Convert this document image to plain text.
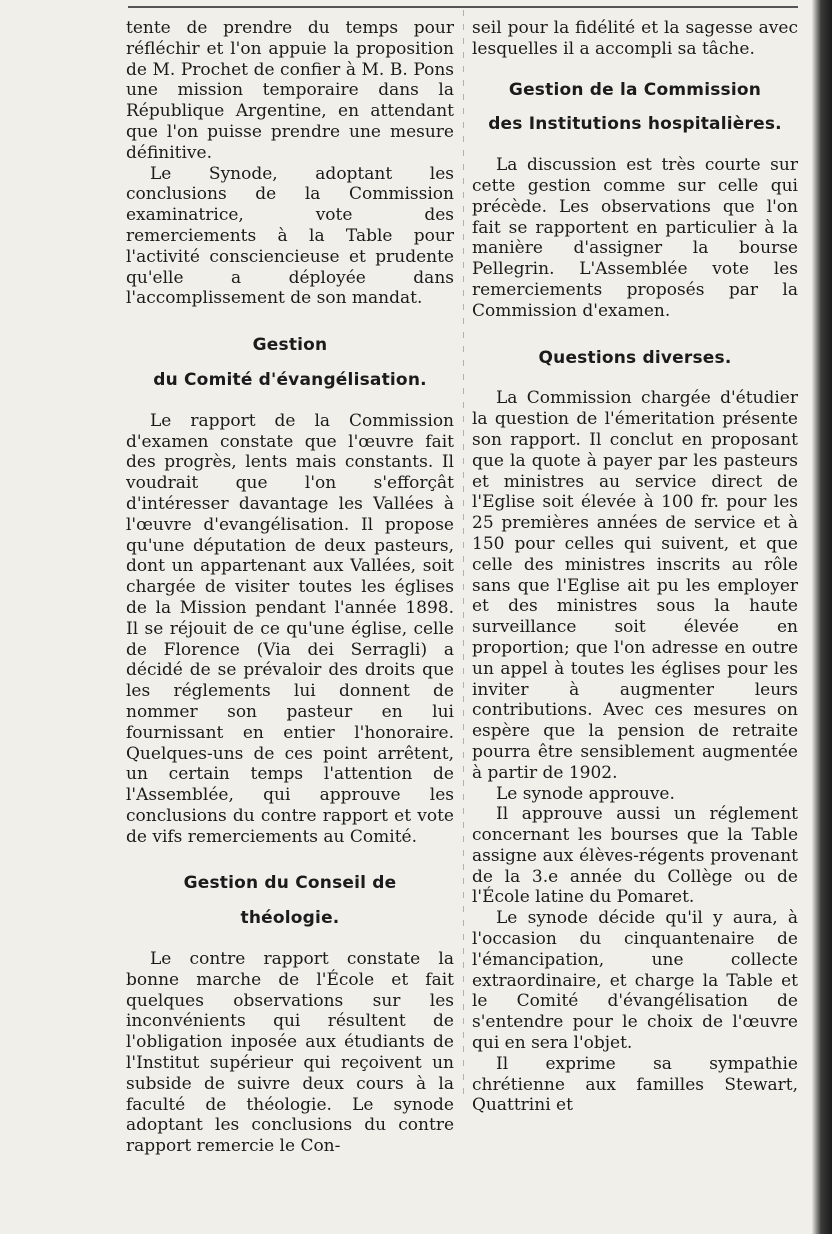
tente de prendre du temps pour réfléchir et l'on appuie la proposition de M. Prochet de confier à M. B. Pons une mission temporaire dans la République Argentine, en attendant que l'on puisse prendre une mesure définitive.

Le Synode, adoptant les conclusions de la Commission examinatrice, vote des remerciements à la Table pour l'activité consciencieuse et prudente qu'elle a déployée dans l'accomplissement de son mandat.

Gestion
du Comité d'évangélisation.

Le rapport de la Commission d'examen constate que l'œuvre fait des progrès, lents mais constants. Il voudrait que l'on s'efforçât d'intéresser davantage les Vallées à l'œuvre d'evangélisation. Il propose qu'une députation de deux pasteurs, dont un appartenant aux Vallées, soit chargée de visiter toutes les églises de la Mission pendant l'année 1898. Il se réjouit de ce qu'une église, celle de Florence (Via dei Serragli) a décidé de se prévaloir des droits que les réglements lui donnent de nommer son pasteur en lui fournissant en entier l'honoraire. Quelques-uns de ces point arrêtent, un certain temps l'attention de l'Assemblée, qui approuve les conclusions du contre rapport et vote de vifs remerciements au Comité.

Gestion du Conseil de
théologie.

Le contre rapport constate la bonne marche de l'École et fait quelques observations sur les inconvénients qui résultent de l'obligation inposée aux étudiants de l'Institut supérieur qui reçoivent un subside de suivre deux cours à la faculté de théologie. Le synode adoptant les conclusions du contre rapport remercie le Con-

seil pour la fidélité et la sagesse avec lesquelles il a accompli sa tâche.

Gestion de la Commission
des Institutions hospitalières.

La discussion est très courte sur cette gestion comme sur celle qui précède. Les observations que l'on fait se rapportent en particulier à la manière d'assigner la bourse Pellegrin. L'Assemblée vote les remerciements proposés par la Commission d'examen.

Questions diverses.

La Commission chargée d'étudier la question de l'émeritation présente son rapport. Il conclut en proposant que la quote à payer par les pasteurs et ministres au service direct de l'Eglise soit élevée à 100 fr. pour les 25 premières années de service et à 150 pour celles qui suivent, et que celle des ministres inscrits au rôle sans que l'Eglise ait pu les employer et des ministres sous la haute surveillance soit élevée en proportion; que l'on adresse en outre un appel à toutes les églises pour les inviter à augmenter leurs contributions. Avec ces mesures on espère que la pension de retraite pourra être sensiblement augmentée à partir de 1902.

Le synode approuve.

Il approuve aussi un réglement concernant les bourses que la Table assigne aux élèves-régents provenant de la 3.e année du Collège ou de l'École latine du Pomaret.

Le synode décide qu'il y aura, à l'occasion du cinquantenaire de l'émancipation, une collecte extraordinaire, et charge la Table et le Comité d'évangélisation de s'entendre pour le choix de l'œuvre qui en sera l'objet.

Il exprime sa sympathie chrétienne aux familles Stewart, Quattrini et
